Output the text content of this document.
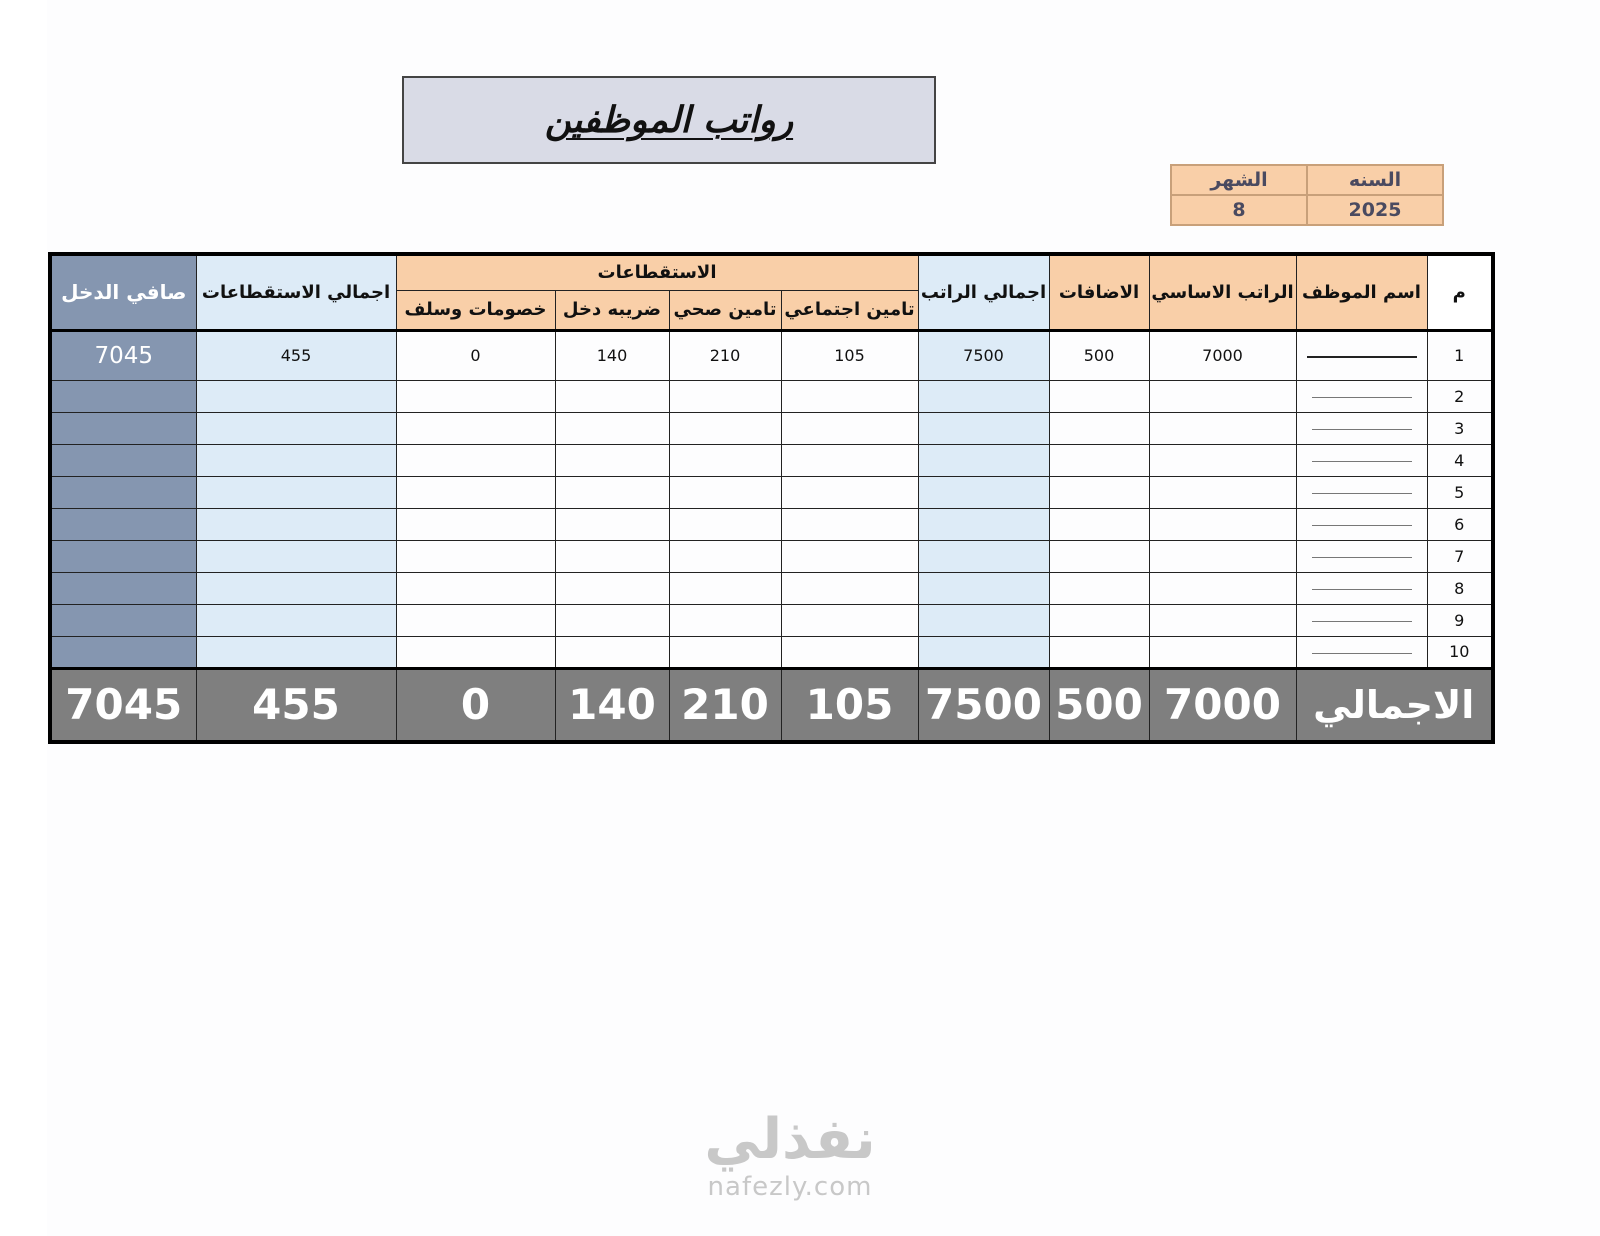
رواتب الموظفين
السنه	الشهر
2025	8
م	اسم الموظف	الراتب الاساسي	الاضافات	اجمالي الراتب	الاستقطاعات				اجمالي الاستقطاعات	صافي الدخل
					تامين اجتماعي	تامين صحي	ضريبه دخل	خصومات وسلف		
1		7000	500	7500	105	210	140	0	455	7045
2										
3										
4										
5										
6										
7										
8										
9										
10										
الاجمالي		7000	500	7500	105	210	140	0	455	7045
نفذلي
nafezly.com
